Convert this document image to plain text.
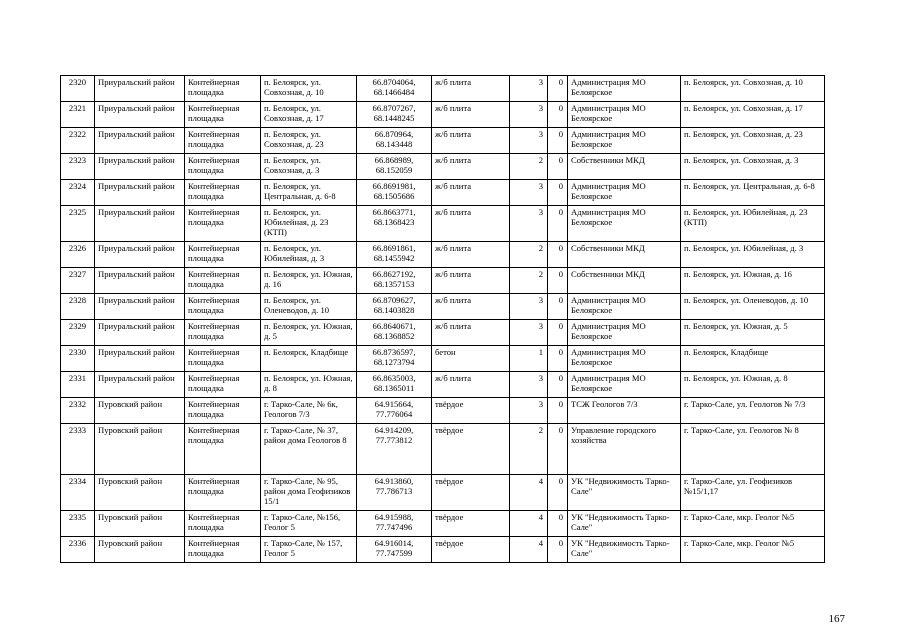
2320	Приуральский район	Контейнерная площадка	п. Белоярск, ул. Совхозная, д. 10	66.8704064, 68.1466484	ж/б плита	3	0	Администрация МО Белоярское	п. Белоярск, ул. Совхозная, д. 10
2321	Приуральский район	Контейнерная площадка	п. Белоярск, ул. Совхозная, д. 17	66.8707267, 68.1448245	ж/б плита	3	0	Администрация МО Белоярское	п. Белоярск, ул. Совхозная, д. 17
2322	Приуральский район	Контейнерная площадка	п. Белоярск, ул. Совхозная, д. 23	66.870964, 68.143448	ж/б плита	3	0	Администрация МО Белоярское	п. Белоярск, ул. Совхозная, д. 23
2323	Приуральский район	Контейнерная площадка	п. Белоярск, ул. Совхозная, д. 3	66.868989, 68.152059	ж/б плита	2	0	Собственники МКД	п. Белоярск, ул. Совхозная, д. 3
2324	Приуральский район	Контейнерная площадка	п. Белоярск, ул. Центральная, д. 6-8	66.8691981, 68.1505686	ж/б плита	3	0	Администрация МО Белоярское	п. Белоярск, ул. Центральная, д. 6-8
2325	Приуральский район	Контейнерная площадка	п. Белоярск, ул. Юбилейная, д. 23 (КТП)	66.8663771, 68.1368423	ж/б плита	3	0	Администрация МО Белоярское	п. Белоярск, ул. Юбилейная, д. 23 (КТП)
2326	Приуральский район	Контейнерная площадка	п. Белоярск, ул. Юбилейная, д. 3	66.8691861, 68.1455942	ж/б плита	2	0	Собственники МКД	п. Белоярск, ул. Юбилейная, д. 3
2327	Приуральский район	Контейнерная площадка	п. Белоярск, ул. Южная, д. 16	66.8627192, 68.1357153	ж/б плита	2	0	Собственники МКД	п. Белоярск, ул. Южная, д. 16
2328	Приуральский район	Контейнерная площадка	п. Белоярск, ул. Оленеводов, д. 10	66.8709627, 68.1403828	ж/б плита	3	0	Администрация МО Белоярское	п. Белоярск, ул. Оленеводов, д. 10
2329	Приуральский район	Контейнерная площадка	п. Белоярск, ул. Южная, д. 5	66.8640671, 68.1368852	ж/б плита	3	0	Администрация МО Белоярское	п. Белоярск, ул. Южная, д. 5
2330	Приуральский район	Контейнерная площадка	п. Белоярск, Кладбище	66.8736597, 68.1273794	бетон	1	0	Администрация МО Белоярское	п. Белоярск, Кладбище
2331	Приуральский район	Контейнерная площадка	п. Белоярск, ул. Южная, д. 8	66.8635003, 68.1365011	ж/б плита	3	0	Администрация МО Белоярское	п. Белоярск, ул. Южная, д. 8
2332	Пуровский район	Контейнерная площадка	г. Тарко-Сале, № 6к, Геологов 7/3	64.915664, 77.776064	твёрдое	3	0	ТСЖ Геологов 7/3	г. Тарко-Сале, ул. Геологов № 7/3
2333	Пуровский район	Контейнерная площадка	г. Тарко-Сале, № 37, район дома Геологов 8	64.914209, 77.773812	твёрдое	2	0	Управление городского хозяйства	г. Тарко-Сале, ул. Геологов № 8
2334	Пуровский район	Контейнерная площадка	г. Тарко-Сале, № 95, район дома Геофизиков 15/1	64.913860, 77.786713	твёрдое	4	0	УК "Недвижимость Тарко-Сале"	г. Тарко-Сале, ул. Геофизиков №15/1,17
2335	Пуровский район	Контейнерная площадка	г. Тарко-Сале, №156, Геолог 5	64.915988, 77.747496	твёрдое	4	0	УК "Недвижимость Тарко-Сале"	г. Тарко-Сале, мкр. Геолог №5
2336	Пуровский район	Контейнерная площадка	г. Тарко-Сале, № 157, Геолог 5	64.916014, 77.747599	твёрдое	4	0	УК "Недвижимость Тарко-Сале"	г. Тарко-Сале, мкр. Геолог №5
167
